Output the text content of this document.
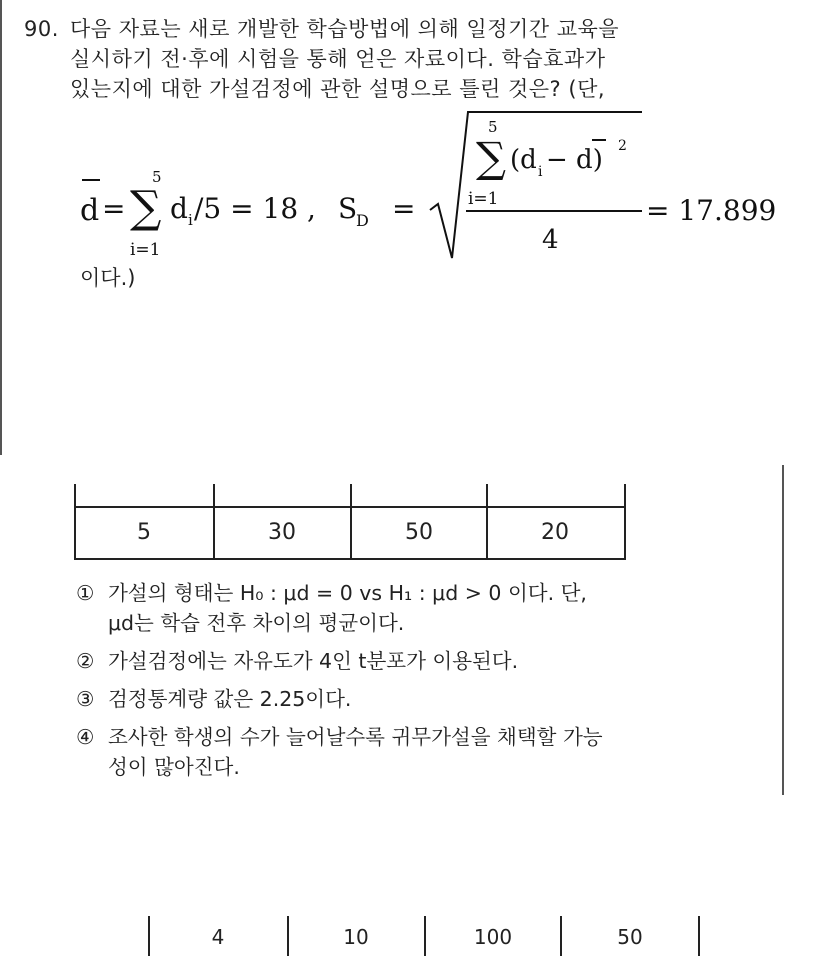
90. 다음 자료는 새로 개발한 학습방법에 의해 일정기간 교육을
실시하기 전·후에 시험을 통해 얻은 자료이다. 학습효과가
있는지에 대한 가설검정에 관한 설명으로 틀린 것은? (단,
d =
5
∑
i=1
d i /5 = 18 , S
D =
5
∑
i=1
(d i − d) 2
4
= 17.899
이다.)
4	10	100	50
5	30	50	20
① 가설의 형태는 H₀ : μd = 0 vs H₁ : μd > 0 이다. 단,
μd는 학습 전후 차이의 평균이다.
② 가설검정에는 자유도가 4인 t분포가 이용된다.
③ 검정통계량 값은 2.25이다.
④ 조사한 학생의 수가 늘어날수록 귀무가설을 채택할 가능
성이 많아진다.
